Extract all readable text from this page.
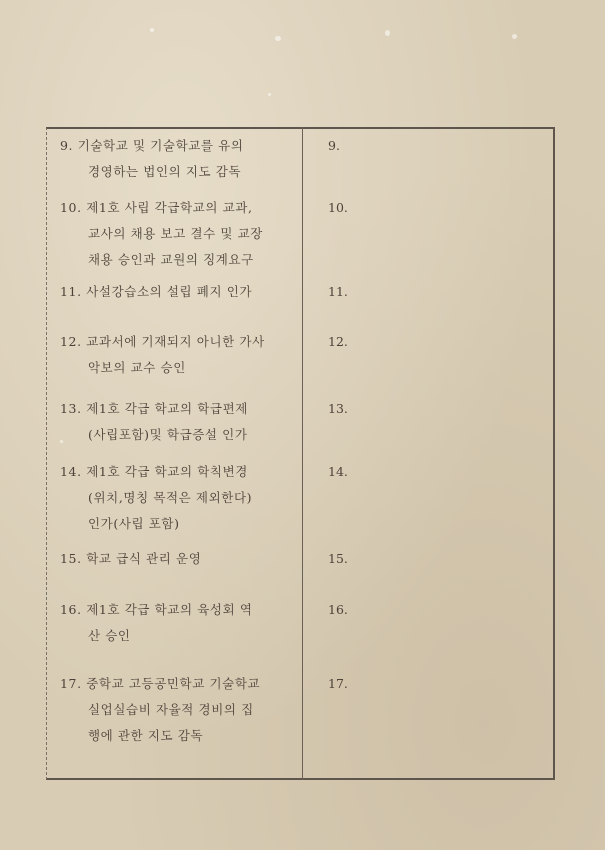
9. 기술학교 및 기술학교를 유의
경영하는 법인의 지도 감독
10. 제1호 사립 각급학교의 교과,
교사의 채용 보고 결수 및 교장
채용 승인과 교원의 징계요구
11. 사설강습소의 설립 폐지 인가
12. 교과서에 기재되지 아니한 가사
악보의 교수 승인
13. 제1호 각급 학교의 학급편제
(사립포함)및 학급증설 인가
14. 제1호 각급 학교의 학칙변경
(위치,명칭 목적은 제외한다)
인가(사립 포함)
15. 학교 급식 관리 운영
16. 제1호 각급 학교의 육성회 역
산 승인
17. 중학교 고등공민학교 기술학교
실업실습비 자율적 경비의 집
행에 관한 지도 감독
9.
10.
11.
12.
13.
14.
15.
16.
17.
